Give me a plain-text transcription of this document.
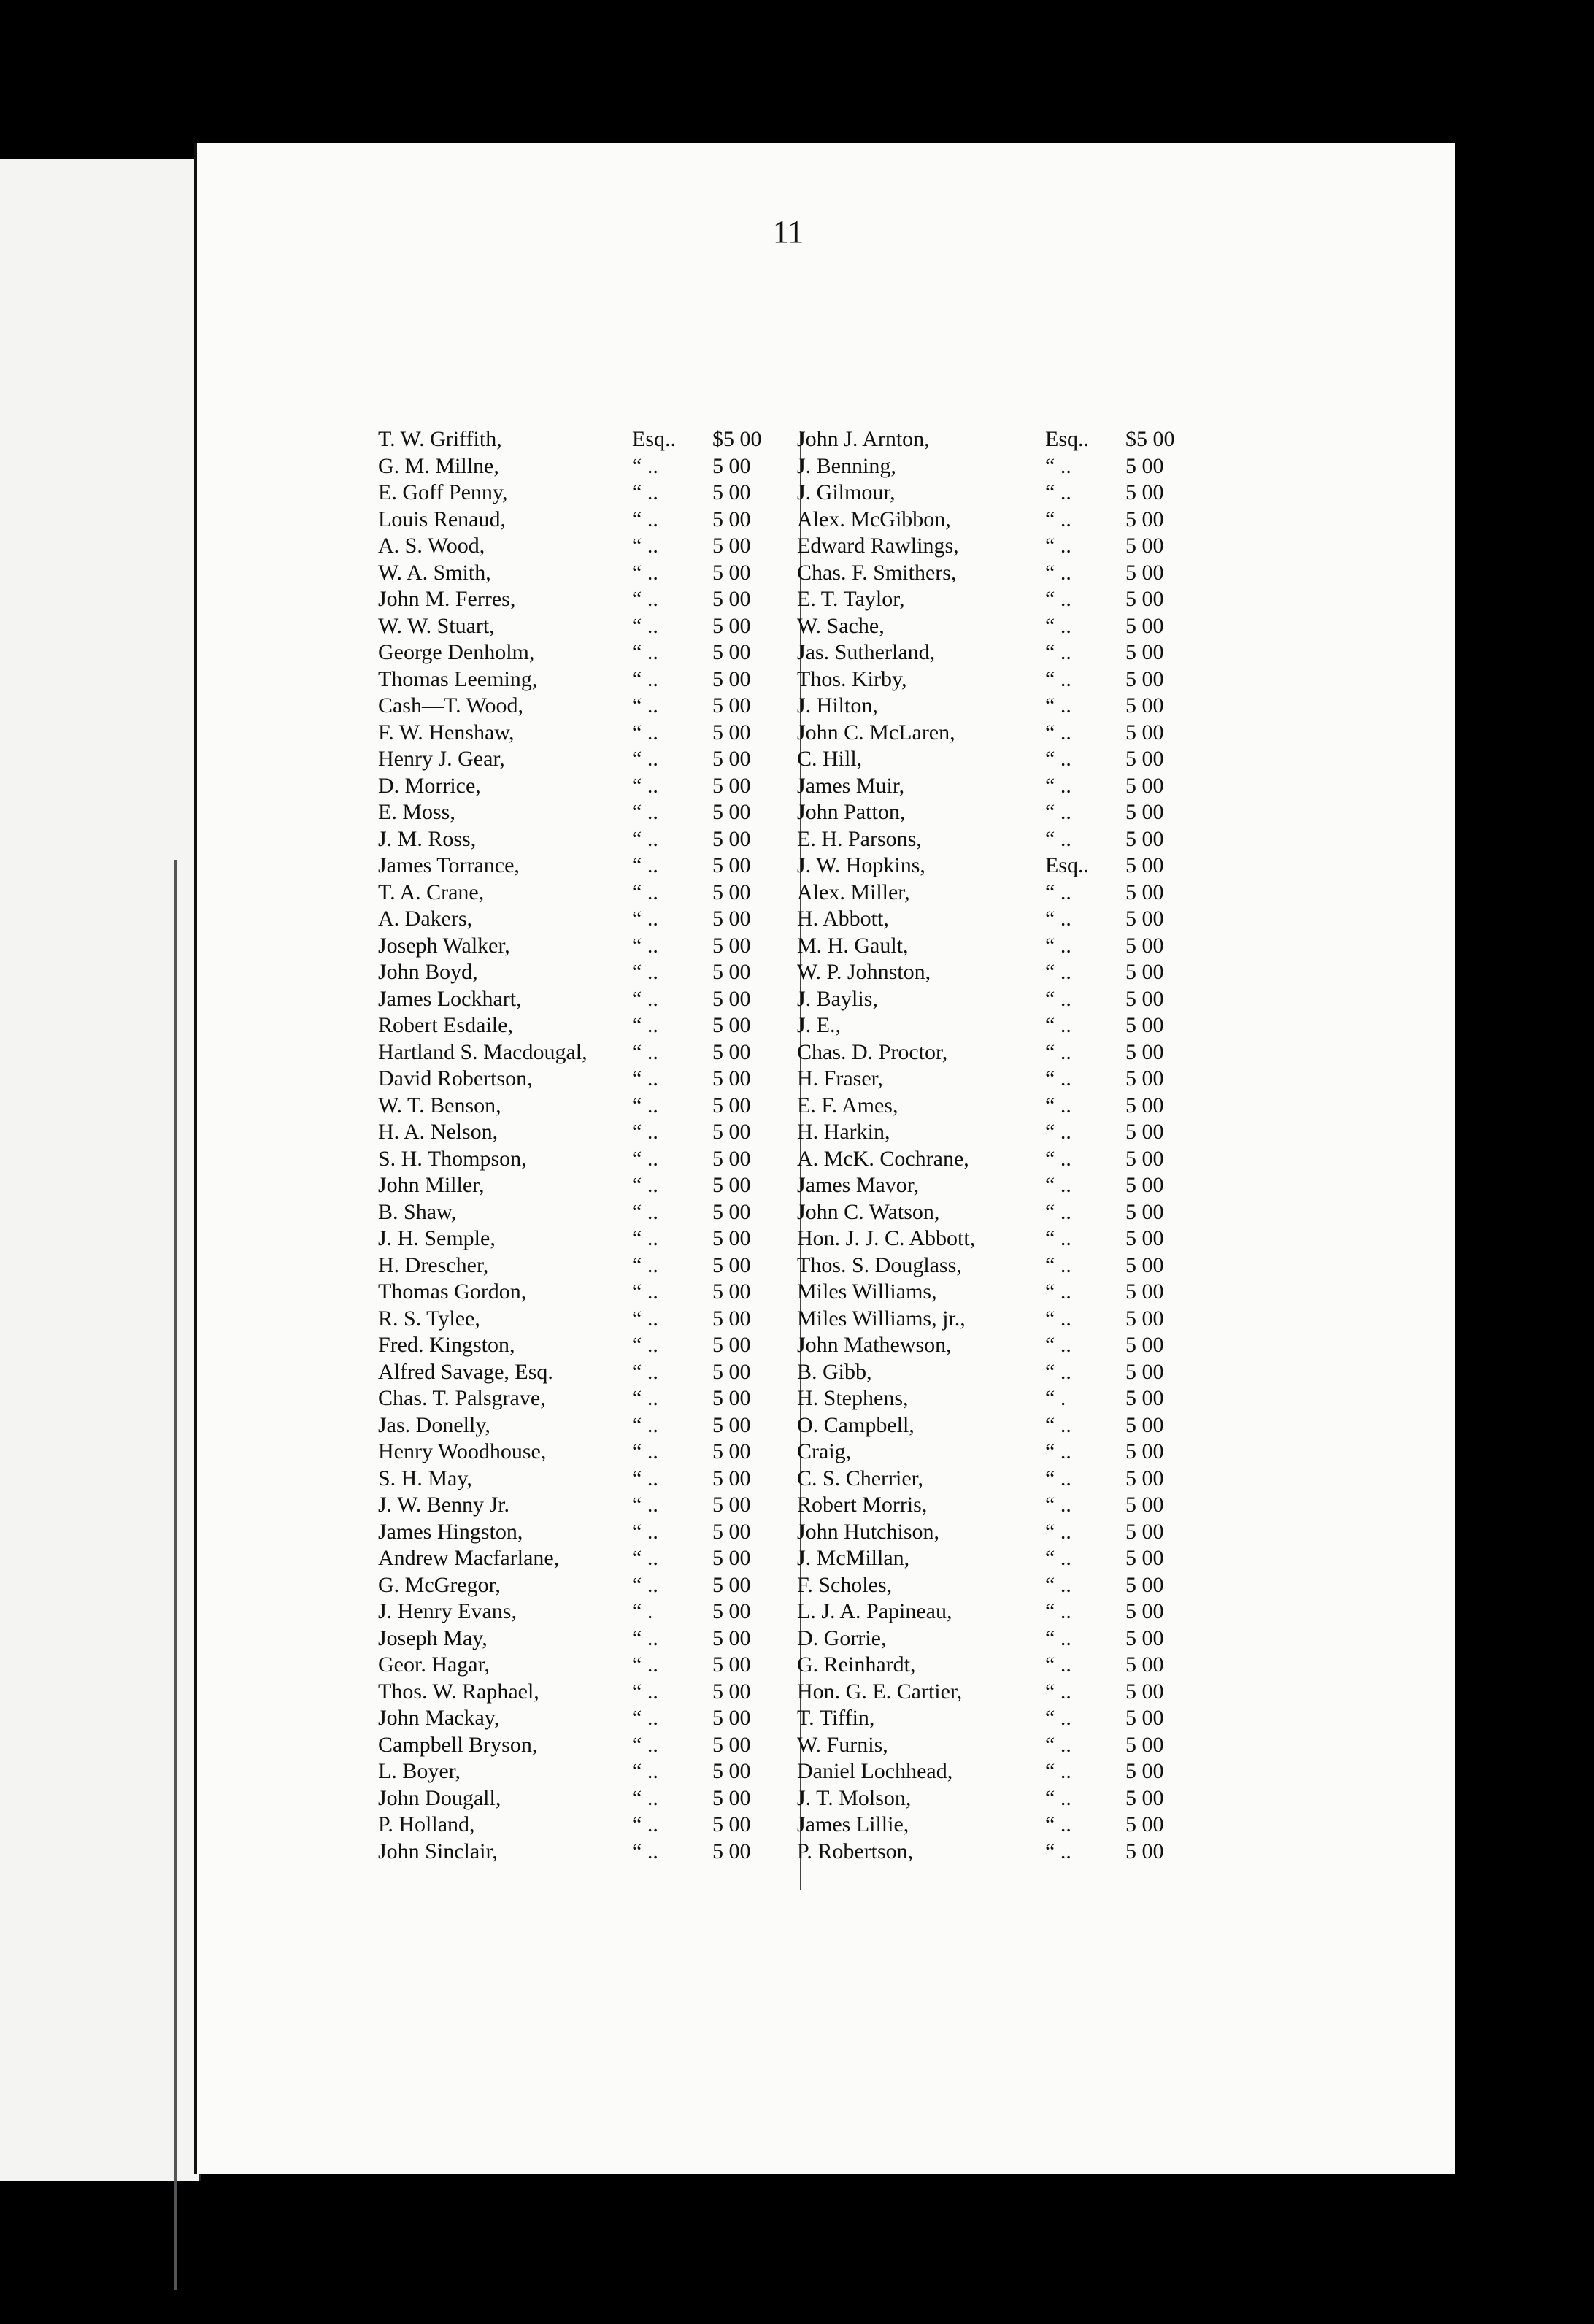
11
T. W. Griffith,	Esq.. $5 00
G. M. Millne,	“ .. 5 00
E. Goff Penny,	“ .. 5 00
Louis Renaud,	“ .. 5 00
A. S. Wood,	“ .. 5 00
W. A. Smith,	“ .. 5 00
John M. Ferres,	“ .. 5 00
W. W. Stuart,	“ .. 5 00
George Denholm,	“ .. 5 00
Thomas Leeming,	“ .. 5 00
Cash—T. Wood,	“ .. 5 00
F. W. Henshaw,	“ .. 5 00
Henry J. Gear,	“ .. 5 00
D. Morrice,	“ .. 5 00
E. Moss,	“ .. 5 00
J. M. Ross,	“ .. 5 00
James Torrance,	“ .. 5 00
T. A. Crane,	“ .. 5 00
A. Dakers,	“ .. 5 00
Joseph Walker,	“ .. 5 00
John Boyd,	“ .. 5 00
James Lockhart,	“ .. 5 00
Robert Esdaile,	“ .. 5 00
Hartland S. Macdougal, “ .. 5 00
David Robertson,	“ .. 5 00
W. T. Benson,	“ .. 5 00
H. A. Nelson,	“ .. 5 00
S. H. Thompson,	“ .. 5 00
John Miller,	“ .. 5 00
B. Shaw,	“ .. 5 00
J. H. Semple,	“ .. 5 00
H. Drescher,	“ .. 5 00
Thomas Gordon,	“ .. 5 00
R. S. Tylee,	“ .. 5 00
Fred. Kingston,	“ .. 5 00
Alfred Savage, Esq.	“ .. 5 00
Chas. T. Palsgrave,	“ .. 5 00
Jas. Donelly,	“ .. 5 00
Henry Woodhouse,	“ .. 5 00
S. H. May,	“ .. 5 00
J. W. Benny Jr.	“ .. 5 00
James Hingston,	“ .. 5 00
Andrew Macfarlane,	“ .. 5 00
G. McGregor,	“ .. 5 00
J. Henry Evans,	“ .	5 00
Joseph May,	“ .. 5 00
Geor. Hagar,	“ .. 5 00
Thos. W. Raphael,	“ .. 5 00
John Mackay,	“ .. 5 00
Campbell Bryson,	“ .. 5 00
L. Boyer,	“ .. 5 00
John Dougall,	“ .. 5 00
P. Holland,	“ .. 5 00
John Sinclair,	“ .. 5 00
John J. Arnton,	Esq.. $5 00
J. Benning,	“ .. 5 00
J. Gilmour,	“ .. 5 00
Alex. McGibbon,	“ .. 5 00
Edward Rawlings,	“ .. 5 00
Chas. F. Smithers,	“ .. 5 00
E. T. Taylor,	“ .. 5 00
W. Sache,	“ .. 5 00
Jas. Sutherland,	“ .. 5 00
Thos. Kirby,	“ .. 5 00
J. Hilton,	“ .. 5 00
John C. McLaren,	“ .. 5 00
C. Hill,	“ .. 5 00
James Muir,	“ .. 5 00
John Patton,	“ .. 5 00
E. H. Parsons,	“ .. 5 00
J. W. Hopkins,	Esq.. 5 00
Alex. Miller,	“ .. 5 00
H. Abbott,	“ .. 5 00
M. H. Gault,	“ .. 5 00
W. P. Johnston,	“ .. 5 00
J. Baylis,	“ .. 5 00
J. E.,	“ .. 5 00
Chas. D. Proctor,	“ .. 5 00
H. Fraser,	“ .. 5 00
E. F. Ames,	“ .. 5 00
H. Harkin,	“ .. 5 00
A. McK. Cochrane,	“ .. 5 00
James Mavor,	“ .. 5 00
John C. Watson,	“ .. 5 00
Hon. J. J. C. Abbott,	“ .. 5 00
Thos. S. Douglass,	“ .. 5 00
Miles Williams,	“ .. 5 00
Miles Williams, jr.,	“ .. 5 00
John Mathewson,	“ .. 5 00
B. Gibb,	“ .. 5 00
H. Stephens,	“ .	5 00
O. Campbell,	“ .. 5 00
Craig,	“ .. 5 00
C. S. Cherrier,	“ .. 5 00
Robert Morris,	“ .. 5 00
John Hutchison,	“ .. 5 00
J. McMillan,	“ .. 5 00
F. Scholes,	“ .. 5 00
L. J. A. Papineau,	“ .. 5 00
D. Gorrie,	“ .. 5 00
G. Reinhardt,	“ .. 5 00
Hon. G. E. Cartier,	“ .. 5 00
T. Tiffin,	“ .. 5 00
W. Furnis,	“ .. 5 00
Daniel Lochhead,	“ .. 5 00
J. T. Molson,	“ .. 5 00
James Lillie,	“ .. 5 00
P. Robertson,	“ .. 5 00
